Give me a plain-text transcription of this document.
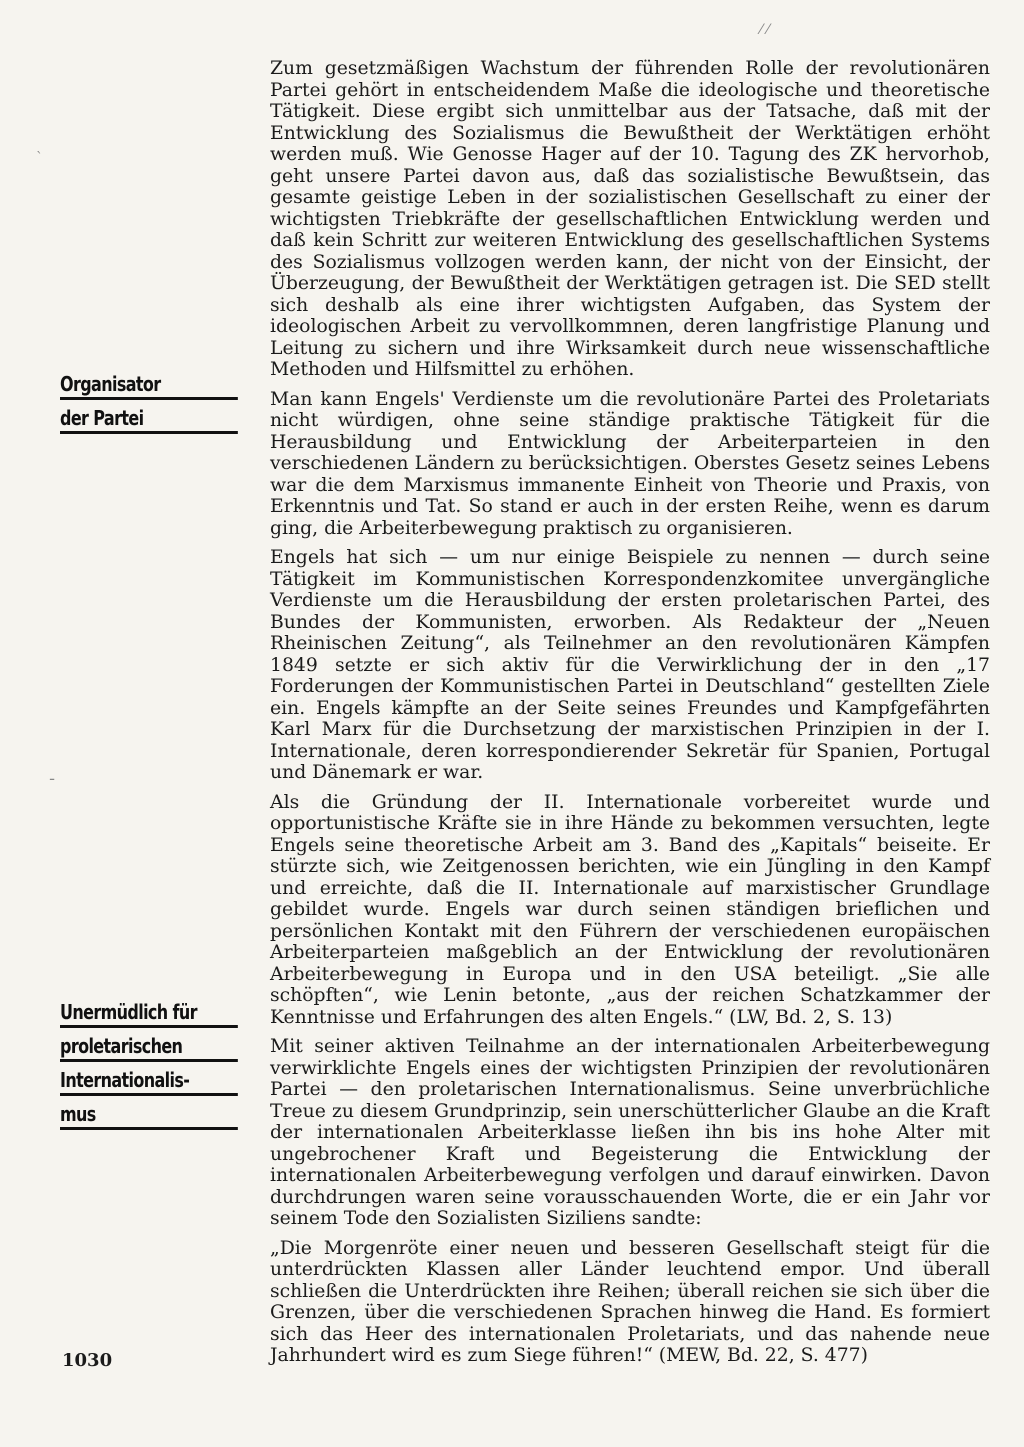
Zum gesetzmäßigen Wachstum der führenden Rolle der revolutionären Partei gehört in entscheidendem Maße die ideologische und theoretische Tätigkeit. Diese ergibt sich unmittelbar aus der Tatsache, daß mit der Entwicklung des Sozialismus die Bewußtheit der Werktätigen erhöht werden muß. Wie Genosse Hager auf der 10. Tagung des ZK hervorhob, geht unsere Partei davon aus, daß das sozialistische Bewußtsein, das gesamte geistige Leben in der sozialistischen Gesellschaft zu einer der wichtigsten Triebkräfte der gesellschaftlichen Entwicklung werden und daß kein Schritt zur weiteren Entwicklung des gesellschaftlichen Systems des Sozialismus vollzogen werden kann, der nicht von der Einsicht, der Überzeugung, der Bewußtheit der Werktätigen getragen ist. Die SED stellt sich deshalb als eine ihrer wichtigsten Aufgaben, das System der ideologischen Arbeit zu vervollkommnen, deren langfristige Planung und Leitung zu sichern und ihre Wirksamkeit durch neue wissenschaftliche Methoden und Hilfsmittel zu erhöhen.

Man kann Engels' Verdienste um die revolutionäre Partei des Proletariats nicht würdigen, ohne seine ständige praktische Tätigkeit für die Herausbildung und Entwicklung der Arbeiterparteien in den verschiedenen Ländern zu berücksichtigen. Oberstes Gesetz seines Lebens war die dem Marxismus immanente Einheit von Theorie und Praxis, von Erkenntnis und Tat. So stand er auch in der ersten Reihe, wenn es darum ging, die Arbeiterbewegung praktisch zu organisieren.

Engels hat sich — um nur einige Beispiele zu nennen — durch seine Tätigkeit im Kommunistischen Korrespondenzkomitee unvergängliche Verdienste um die Herausbildung der ersten proletarischen Partei, des Bundes der Kommunisten, erworben. Als Redakteur der „Neuen Rheinischen Zeitung“, als Teilnehmer an den revolutionären Kämpfen 1849 setzte er sich aktiv für die Verwirklichung der in den „17 Forderungen der Kommunistischen Partei in Deutschland“ gestellten Ziele ein. Engels kämpfte an der Seite seines Freundes und Kampfgefährten Karl Marx für die Durchsetzung der marxistischen Prinzipien in der I. Internationale, deren korrespondierender Sekretär für Spanien, Portugal und Dänemark er war.

Als die Gründung der II. Internationale vorbereitet wurde und opportunistische Kräfte sie in ihre Hände zu bekommen versuchten, legte Engels seine theoretische Arbeit am 3. Band des „Kapitals“ beiseite. Er stürzte sich, wie Zeitgenossen berichten, wie ein Jüngling in den Kampf und erreichte, daß die II. Internationale auf marxistischer Grundlage gebildet wurde. Engels war durch seinen ständigen brieflichen und persönlichen Kontakt mit den Führern der verschiedenen europäischen Arbeiterparteien maßgeblich an der Entwicklung der revolutionären Arbeiterbewegung in Europa und in den USA beteiligt. „Sie alle schöpften“, wie Lenin betonte, „aus der reichen Schatzkammer der Kenntnisse und Erfahrungen des alten Engels.“ (LW, Bd. 2, S. 13)

Mit seiner aktiven Teilnahme an der internationalen Arbeiterbewegung verwirklichte Engels eines der wichtigsten Prinzipien der revolutionären Partei — den proletarischen Internationalismus. Seine unverbrüchliche Treue zu diesem Grundprinzip, sein unerschütterlicher Glaube an die Kraft der internationalen Arbeiterklasse ließen ihn bis ins hohe Alter mit ungebrochener Kraft und Begeisterung die Entwicklung der internationalen Arbeiterbewegung verfolgen und darauf einwirken. Davon durchdrungen waren seine vorausschauenden Worte, die er ein Jahr vor seinem Tode den Sozialisten Siziliens sandte:

„Die Morgenröte einer neuen und besseren Gesellschaft steigt für die unterdrückten Klassen aller Länder leuchtend empor. Und überall schließen die Unterdrückten ihre Reihen; überall reichen sie sich über die Grenzen, über die verschiedenen Sprachen hinweg die Hand. Es formiert sich das Heer des internationalen Proletariats, und das nahende neue Jahrhundert wird es zum Siege führen!“ (MEW, Bd. 22, S. 477)

Organisator
der Partei
Unermüdlich für
proletarischen
Internationalis-
mus
1030
⁄ ⁄
ˋ
ـ
